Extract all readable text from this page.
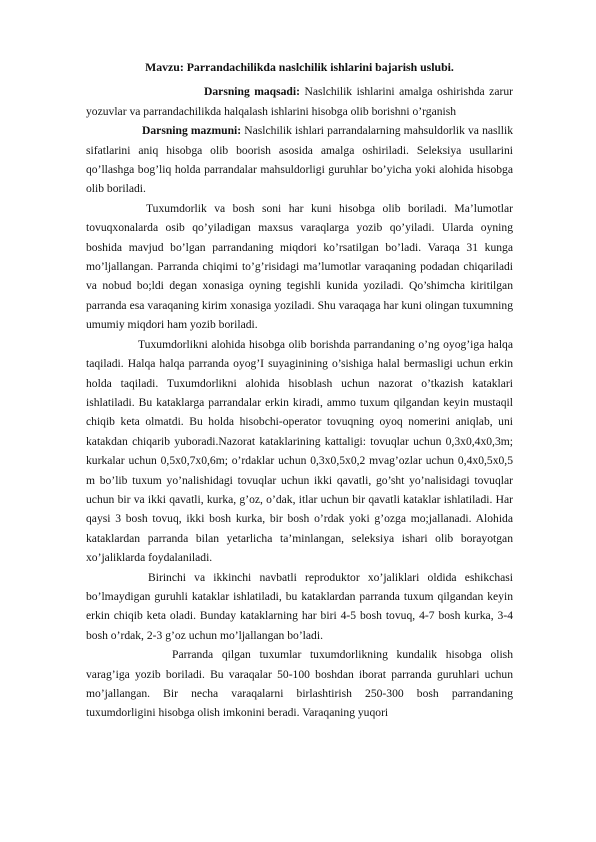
Mavzu: Parrandachilikda naslchilik ishlarini bajarish uslubi.

Darsning maqsadi: Naslchilik ishlarini amalga oshirishda zarur yozuvlar va parrandachilikda halqalash ishlarini hisobga olib borishni o’rganish

Darsning mazmuni: Naslchilik ishlari parrandalarning mahsuldorlik va nasllik sifatlarini aniq hisobga olib boorish asosida amalga oshiriladi. Seleksiya usullarini qo’llashga bog’liq holda parrandalar mahsuldorligi guruhlar bo’yicha yoki alohida hisobga olib boriladi.

Tuxumdorlik va bosh soni har kuni hisobga olib boriladi. Ma’lumotlar tovuqxonalarda osib qo’yiladigan maxsus varaqlarga yozib qo’yiladi. Ularda oyning boshida mavjud bo’lgan parrandaning miqdori ko’rsatilgan bo’ladi. Varaqa 31 kunga mo’ljallangan. Parranda chiqimi to’g’risidagi ma’lumotlar varaqaning podadan chiqariladi va nobud bo;ldi degan xonasiga oyning tegishli kunida yoziladi. Qo’shimcha kiritilgan parranda esa varaqaning kirim xonasiga yoziladi. Shu varaqaga har kuni olingan tuxumning umumiy miqdori ham yozib boriladi.

Tuxumdorlikni alohida hisobga olib borishda parrandaning o’ng oyog’iga halqa taqiladi. Halqa halqa parranda oyog’I suyaginining o’sishiga halal bermasligi uchun erkin holda taqiladi. Tuxumdorlikni alohida hisoblash uchun nazorat o’tkazish kataklari ishlatiladi. Bu kataklarga parrandalar erkin kiradi, ammo tuxum qilgandan keyin mustaqil chiqib keta olmatdi. Bu holda hisobchi-operator tovuqning oyoq nomerini aniqlab, uni katakdan chiqarib yuboradi.Nazorat kataklarining kattaligi: tovuqlar uchun 0,3x0,4x0,3m; kurkalar uchun 0,5x0,7x0,6m; o’rdaklar uchun 0,3x0,5x0,2 mvag’ozlar uchun 0,4x0,5x0,5 m bo’lib tuxum yo’nalishidagi tovuqlar uchun ikki qavatli, go’sht yo’nalisidagi tovuqlar uchun bir va ikki qavatli, kurka, g’oz, o’dak, itlar uchun bir qavatli kataklar ishlatiladi. Har qaysi 3 bosh tovuq, ikki bosh kurka, bir bosh o’rdak yoki g’ozga mo;jallanadi. Alohida kataklardan parranda bilan yetarlicha ta’minlangan, seleksiya ishari olib borayotgan xo’jaliklarda foydalaniladi.

Birinchi va ikkinchi navbatli reproduktor xo’jaliklari oldida eshikchasi bo’lmaydigan guruhli kataklar ishlatiladi, bu kataklardan parranda tuxum qilgandan keyin erkin chiqib keta oladi. Bunday kataklarning har biri 4-5 bosh tovuq, 4-7 bosh kurka, 3-4 bosh o’rdak, 2-3 g’oz uchun mo’ljallangan bo’ladi.

Parranda qilgan tuxumlar tuxumdorlikning kundalik hisobga olish varag’iga yozib boriladi. Bu varaqalar 50-100 boshdan iborat parranda guruhlari uchun mo’jallangan. Bir necha varaqalarni birlashtirish 250-300 bosh parrandaning tuxumdorligini hisobga olish imkonini beradi. Varaqaning yuqori
